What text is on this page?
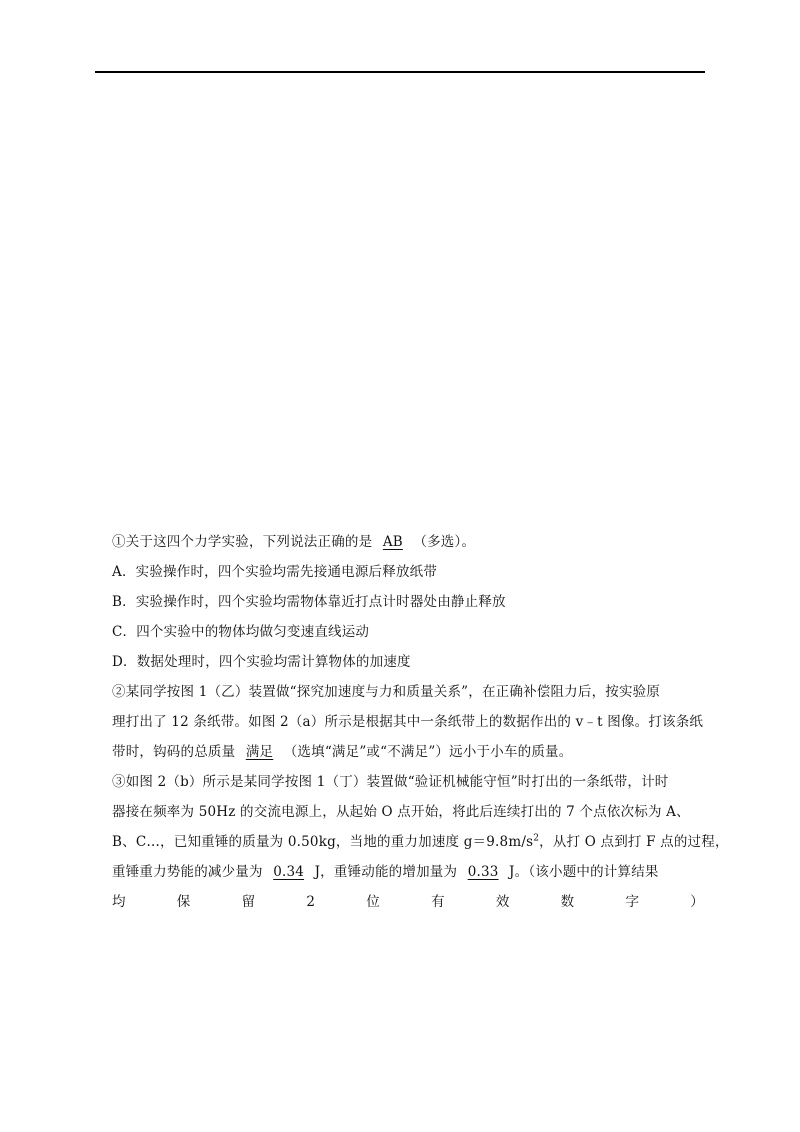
①关于这四个力学实验，下列说法正确的是 AB （多选）。
A．实验操作时，四个实验均需先接通电源后释放纸带
B．实验操作时，四个实验均需物体靠近打点计时器处由静止释放
C．四个实验中的物体均做匀变速直线运动
D．数据处理时，四个实验均需计算物体的加速度
②某同学按图 1（乙）装置做“探究加速度与力和质量关系”，在正确补偿阻力后，按实验原
理打出了 12 条纸带。如图 2（a）所示是根据其中一条纸带上的数据作出的 v﹣t 图像。打该条纸
带时，钩码的总质量 满足 （选填“满足”或“不满足”）远小于小车的质量。
③如图 2（b）所示是某同学按图 1（丁）装置做“验证机械能守恒”时打出的一条纸带，计时
器接在频率为 50Hz 的交流电源上，从起始 O 点开始，将此后连续打出的 7 个点依次标为 A、
B、C…，已知重锤的质量为 0.50kg，当地的重力加速度 $g=9.8m/s^2$，从打 O 点到打 F 点的过程，
重锤重力势能的减少量为 0.34 J，重锤动能的增加量为 0.33 J。（该小题中的计算结果
均	保	留	2	位	有	效	数	字	）
